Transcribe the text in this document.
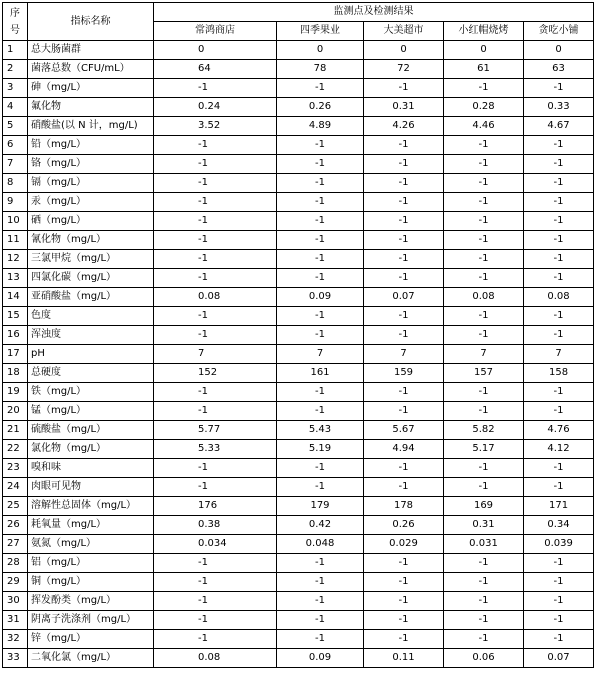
序
号	指标名称	监测点及检测结果				
		常鸿商店	四季果业	大美超市	小红帽烧烤	贪吃小铺
1	总大肠菌群	0	0	0	0	0
2	菌落总数（CFU/mL）	64	78	72	61	63
3	砷（mg/L）	-1	-1	-1	-1	-1
4	氟化物	0.24	0.26	0.31	0.28	0.33
5	硝酸盐(以 N 计，mg/L)	3.52	4.89	4.26	4.46	4.67
6	铅（mg/L）	-1	-1	-1	-1	-1
7	铬（mg/L）	-1	-1	-1	-1	-1
8	镉（mg/L）	-1	-1	-1	-1	-1
9	汞（mg/L）	-1	-1	-1	-1	-1
10	硒（mg/L）	-1	-1	-1	-1	-1
11	氰化物（mg/L）	-1	-1	-1	-1	-1
12	三氯甲烷（mg/L）	-1	-1	-1	-1	-1
13	四氯化碳（mg/L）	-1	-1	-1	-1	-1
14	亚硝酸盐（mg/L）	0.08	0.09	0.07	0.08	0.08
15	色度	-1	-1	-1	-1	-1
16	浑浊度	-1	-1	-1	-1	-1
17	pH	7	7	7	7	7
18	总硬度	152	161	159	157	158
19	铁（mg/L）	-1	-1	-1	-1	-1
20	锰（mg/L）	-1	-1	-1	-1	-1
21	硫酸盐（mg/L）	5.77	5.43	5.67	5.82	4.76
22	氯化物（mg/L）	5.33	5.19	4.94	5.17	4.12
23	嗅和味	-1	-1	-1	-1	-1
24	肉眼可见物	-1	-1	-1	-1	-1
25	溶解性总固体（mg/L）	176	179	178	169	171
26	耗氧量（mg/L）	0.38	0.42	0.26	0.31	0.34
27	氨氮（mg/L）	0.034	0.048	0.029	0.031	0.039
28	铝（mg/L）	-1	-1	-1	-1	-1
29	铜（mg/L）	-1	-1	-1	-1	-1
30	挥发酚类（mg/L）	-1	-1	-1	-1	-1
31	阴离子洗涤剂（mg/L）	-1	-1	-1	-1	-1
32	锌（mg/L）	-1	-1	-1	-1	-1
33	二氧化氯（mg/L）	0.08	0.09	0.11	0.06	0.07
